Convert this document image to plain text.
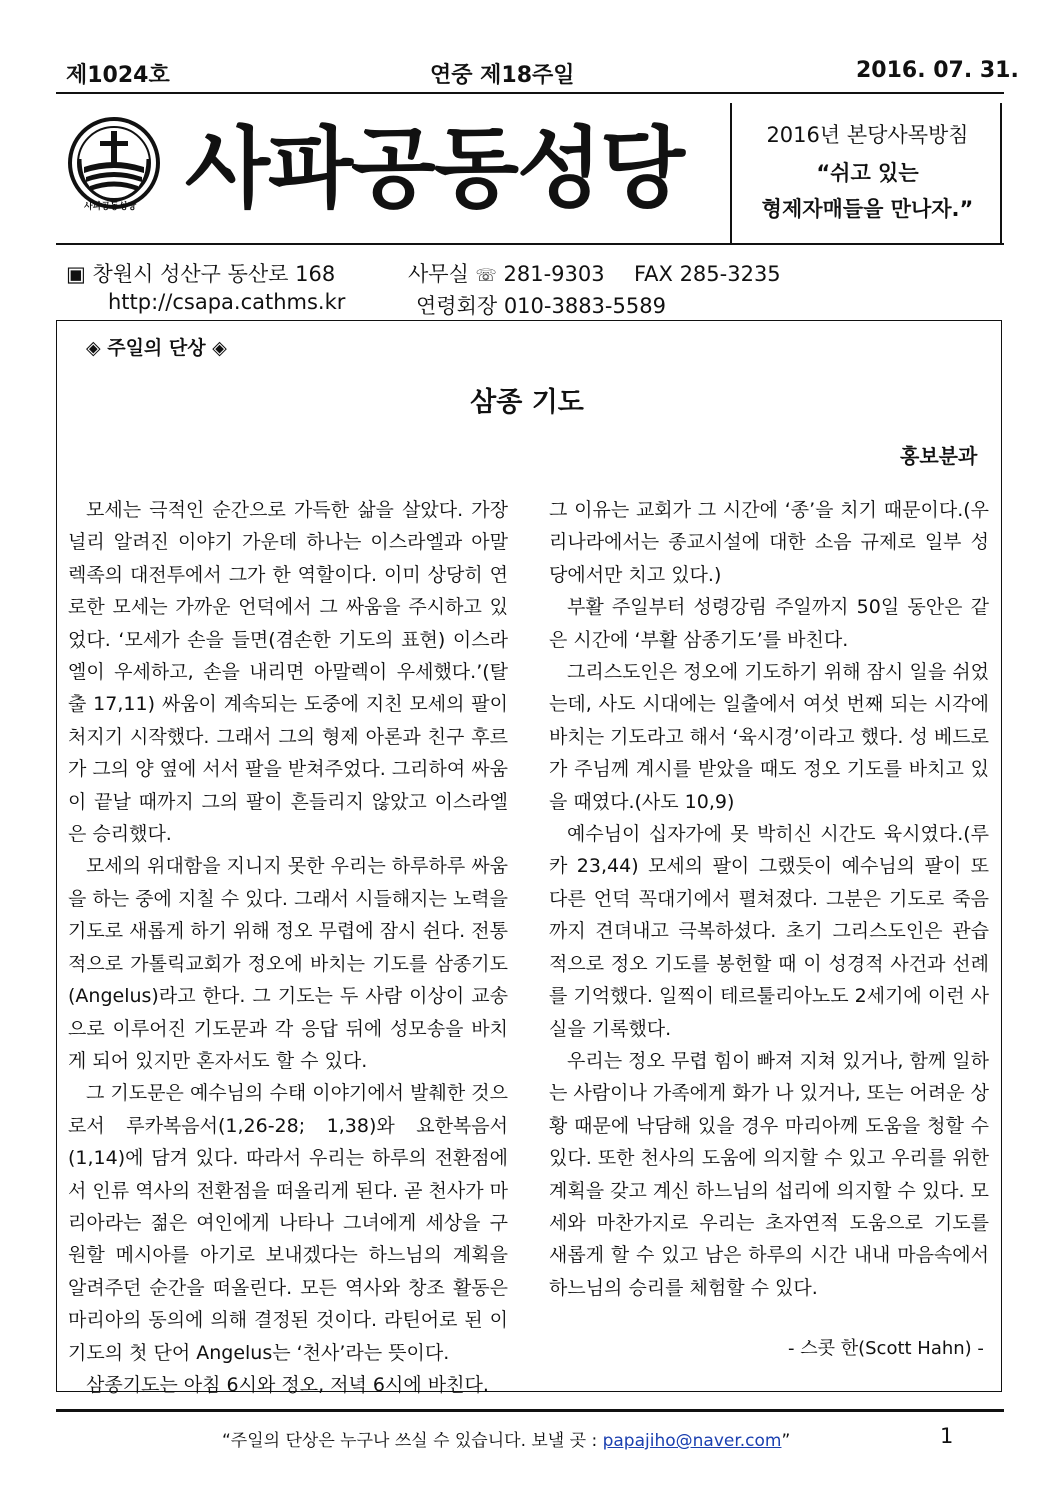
제1024호	연중 제18주일	2016. 07. 31.
사파공동성당 사파공동성당	2016년 본당사목방침
“쉬고 있는
형제자매들을 만나자.”
▣ 창원시 성산구 동산로 168	사무실 ☏ 281-9303 FAX 285-3235
http://csapa.cathms.kr	연령회장 010-3883-5589
◈ 주일의 단상 ◈
삼종 기도
홍보분과

모세는 극적인 순간으로 가득한 삶을 살았다. 가장 널리 알려진 이야기 가운데 하나는 이스라엘과 아말렉족의 대전투에서 그가 한 역할이다. 이미 상당히 연로한 모세는 가까운 언덕에서 그 싸움을 주시하고 있었다. ‘모세가 손을 들면(겸손한 기도의 표현) 이스라엘이 우세하고, 손을 내리면 아말렉이 우세했다.’(탈출 17,11) 싸움이 계속되는 도중에 지친 모세의 팔이 처지기 시작했다. 그래서 그의 형제 아론과 친구 후르가 그의 양 옆에 서서 팔을 받쳐주었다. 그리하여 싸움이 끝날 때까지 그의 팔이 흔들리지 않았고 이스라엘은 승리했다.

모세의 위대함을 지니지 못한 우리는 하루하루 싸움을 하는 중에 지칠 수 있다. 그래서 시들해지는 노력을 기도로 새롭게 하기 위해 정오 무렵에 잠시 쉰다. 전통적으로 가톨릭교회가 정오에 바치는 기도를 삼종기도(Angelus)라고 한다. 그 기도는 두 사람 이상이 교송으로 이루어진 기도문과 각 응답 뒤에 성모송을 바치게 되어 있지만 혼자서도 할 수 있다.

그 기도문은 예수님의 수태 이야기에서 발췌한 것으로서 루카복음서(1,26-28; 1,38)와 요한복음서(1,14)에 담겨 있다. 따라서 우리는 하루의 전환점에서 인류 역사의 전환점을 떠올리게 된다. 곧 천사가 마리아라는 젊은 여인에게 나타나 그녀에게 세상을 구원할 메시아를 아기로 보내겠다는 하느님의 계획을 알려주던 순간을 떠올린다. 모든 역사와 창조 활동은 마리아의 동의에 의해 결정된 것이다. 라틴어로 된 이 기도의 첫 단어 Angelus는 ‘천사’라는 뜻이다.

삼종기도는 아침 6시와 정오, 저녁 6시에 바친다.

그 이유는 교회가 그 시간에 ‘종’을 치기 때문이다.(우리나라에서는 종교시설에 대한 소음 규제로 일부 성당에서만 치고 있다.)

부활 주일부터 성령강림 주일까지 50일 동안은 같은 시간에 ‘부활 삼종기도’를 바친다.

그리스도인은 정오에 기도하기 위해 잠시 일을 쉬었는데, 사도 시대에는 일출에서 여섯 번째 되는 시각에 바치는 기도라고 해서 ‘육시경’이라고 했다. 성 베드로가 주님께 계시를 받았을 때도 정오 기도를 바치고 있을 때였다.(사도 10,9)

예수님이 십자가에 못 박히신 시간도 육시였다.(루카 23,44) 모세의 팔이 그랬듯이 예수님의 팔이 또 다른 언덕 꼭대기에서 펼쳐졌다. 그분은 기도로 죽음까지 견뎌내고 극복하셨다. 초기 그리스도인은 관습적으로 정오 기도를 봉헌할 때 이 성경적 사건과 선례를 기억했다. 일찍이 테르툴리아노도 2세기에 이런 사실을 기록했다.

우리는 정오 무렵 힘이 빠져 지쳐 있거나, 함께 일하는 사람이나 가족에게 화가 나 있거나, 또는 어려운 상황 때문에 낙담해 있을 경우 마리아께 도움을 청할 수 있다. 또한 천사의 도움에 의지할 수 있고 우리를 위한 계획을 갖고 계신 하느님의 섭리에 의지할 수 있다. 모세와 마찬가지로 우리는 초자연적 도움으로 기도를 새롭게 할 수 있고 남은 하루의 시간 내내 마음속에서 하느님의 승리를 체험할 수 있다.

- 스콧 한(Scott Hahn) -
“주일의 단상은 누구나 쓰실 수 있습니다. 보낼 곳 : papajiho@naver.com”	1
